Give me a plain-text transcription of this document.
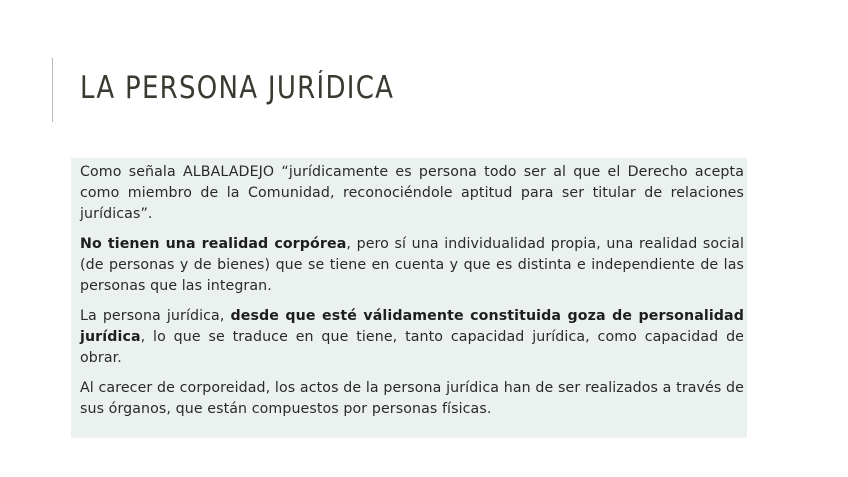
LA PERSONA JURÍDICA

Como señala ALBALADEJO “jurídicamente es persona todo ser al que el Derecho acepta como miembro de la Comunidad, reconociéndole aptitud para ser titular de relaciones jurídicas”.

No tienen una realidad corpórea, pero sí una individualidad propia, una realidad social (de personas y de bienes) que se tiene en cuenta y que es distinta e independiente de las personas que las integran.

La persona jurídica, desde que esté válidamente constituida goza de personalidad jurídica, lo que se traduce en que tiene, tanto capacidad jurídica, como capacidad de obrar.

Al carecer de corporeidad, los actos de la persona jurídica han de ser realizados a través de sus órganos, que están compuestos por personas físicas.
